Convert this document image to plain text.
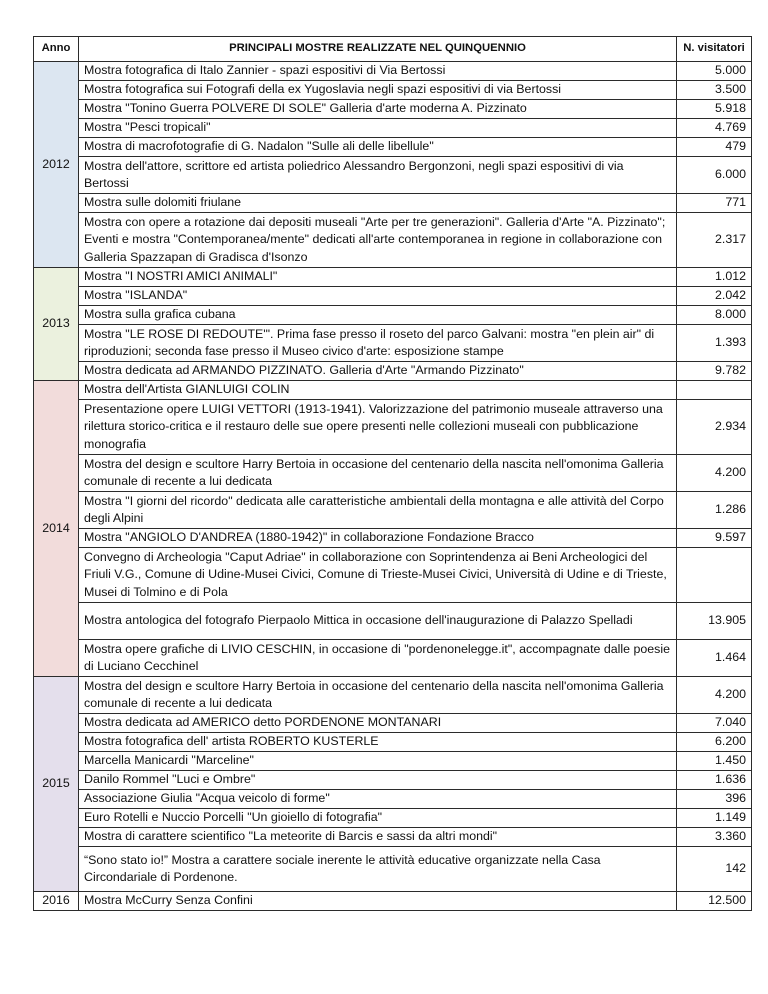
Anno	PRINCIPALI MOSTRE REALIZZATE NEL QUINQUENNIO	N. visitatori
2012	Mostra fotografica di Italo Zannier - spazi espositivi di Via Bertossi	5.000
	Mostra fotografica sui Fotografi della ex Yugoslavia negli spazi espositivi di via Bertossi	3.500
	Mostra "Tonino Guerra POLVERE DI SOLE" Galleria d'arte moderna A. Pizzinato	5.918
	Mostra "Pesci tropicali"	4.769
	Mostra di macrofotografie di G. Nadalon "Sulle ali delle libellule"	479
	Mostra dell'attore, scrittore ed artista poliedrico Alessandro Bergonzoni, negli spazi espositivi di via Bertossi	6.000
	Mostra sulle dolomiti friulane	771
	Mostra con opere a rotazione dai depositi museali "Arte per tre generazioni". Galleria d'Arte "A. Pizzinato"; Eventi e mostra "Contemporanea/mente" dedicati all'arte contemporanea in regione in collaborazione con Galleria Spazzapan di Gradisca d'Isonzo	2.317
2013	Mostra "I NOSTRI AMICI ANIMALI"	1.012
	Mostra "ISLANDA"	2.042
	Mostra sulla grafica cubana	8.000
	Mostra "LE ROSE DI REDOUTE'". Prima fase presso il roseto del parco Galvani: mostra "en plein air" di riproduzioni; seconda fase presso il Museo civico d'arte: esposizione stampe	1.393
	Mostra dedicata ad ARMANDO PIZZINATO. Galleria d'Arte "Armando Pizzinato"	9.782
2014	Mostra dell'Artista GIANLUIGI COLIN	
	Presentazione opere LUIGI VETTORI (1913-1941). Valorizzazione del patrimonio museale attraverso una rilettura storico-critica e il restauro delle sue opere presenti nelle collezioni museali con pubblicazione monografia	2.934
	Mostra del design e scultore Harry Bertoia in occasione del centenario della nascita nell'omonima Galleria comunale di recente a lui dedicata	4.200
	Mostra "I giorni del ricordo" dedicata alle caratteristiche ambientali della montagna e alle attività del Corpo degli Alpini	1.286
	Mostra "ANGIOLO D'ANDREA (1880-1942)" in collaborazione Fondazione Bracco	9.597
	Convegno di Archeologia "Caput Adriae" in collaborazione con Soprintendenza ai Beni Archeologici del Friuli V.G., Comune di Udine-Musei Civici, Comune di Trieste-Musei Civici, Università di Udine e di Trieste, Musei di Tolmino e di Pola	
	Mostra antologica del fotografo Pierpaolo Mittica in occasione dell'inaugurazione di Palazzo Spelladi	13.905
	Mostra opere grafiche di LIVIO CESCHIN, in occasione di "pordenonelegge.it", accompagnate dalle poesie di Luciano Cecchinel	1.464
2015	Mostra del design e scultore Harry Bertoia in occasione del centenario della nascita nell'omonima Galleria comunale di recente a lui dedicata	4.200
	Mostra dedicata ad AMERICO detto PORDENONE MONTANARI	7.040
	Mostra fotografica dell' artista ROBERTO KUSTERLE	6.200
	Marcella Manicardi "Marceline"	1.450
	Danilo Rommel "Luci e Ombre"	1.636
	Associazione Giulia "Acqua veicolo di forme"	396
	Euro Rotelli e Nuccio Porcelli "Un gioiello di fotografia"	1.149
	Mostra di carattere scientifico "La meteorite di Barcis e sassi da altri mondi"	3.360
	“Sono stato io!” Mostra a carattere sociale inerente le attività educative organizzate nella Casa Circondariale di Pordenone.	142
2016	Mostra McCurry Senza Confini	12.500
